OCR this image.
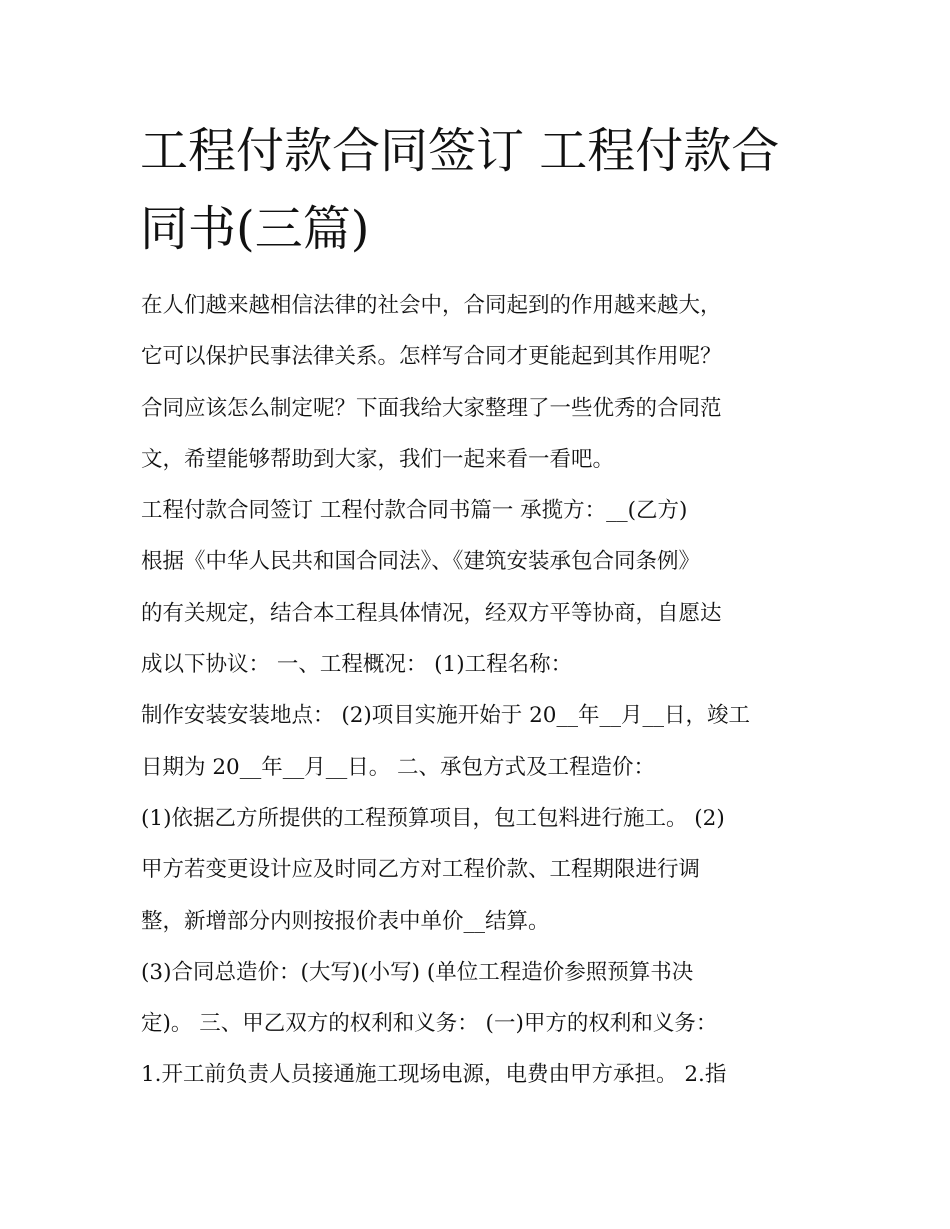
工程付款合同签订 工程付款合
同书(三篇)
在人们越来越相信法律的社会中，合同起到的作用越来越大，
它可以保护民事法律关系。怎样写合同才更能起到其作用呢？
合同应该怎么制定呢？下面我给大家整理了一些优秀的合同范
文，希望能够帮助到大家，我们一起来看一看吧。
工程付款合同签订 工程付款合同书篇一 承揽方：__(乙方)
根据《中华人民共和国合同法》、《建筑安装承包合同条例》
的有关规定，结合本工程具体情况，经双方平等协商，自愿达
成以下协议： 一、工程概况： (1)工程名称：
制作安装安装地点： (2)项目实施开始于 20__年__月__日，竣工
日期为 20__年__月__日。 二、承包方式及工程造价：
(1)依据乙方所提供的工程预算项目，包工包料进行施工。 (2)
甲方若变更设计应及时同乙方对工程价款、工程期限进行调
整，新增部分内则按报价表中单价__结算。
(3)合同总造价：(大写)(小写) (单位工程造价参照预算书决
定)。 三、甲乙双方的权利和义务： (一)甲方的权利和义务：
1.开工前负责人员接通施工现场电源，电费由甲方承担。 2.指
